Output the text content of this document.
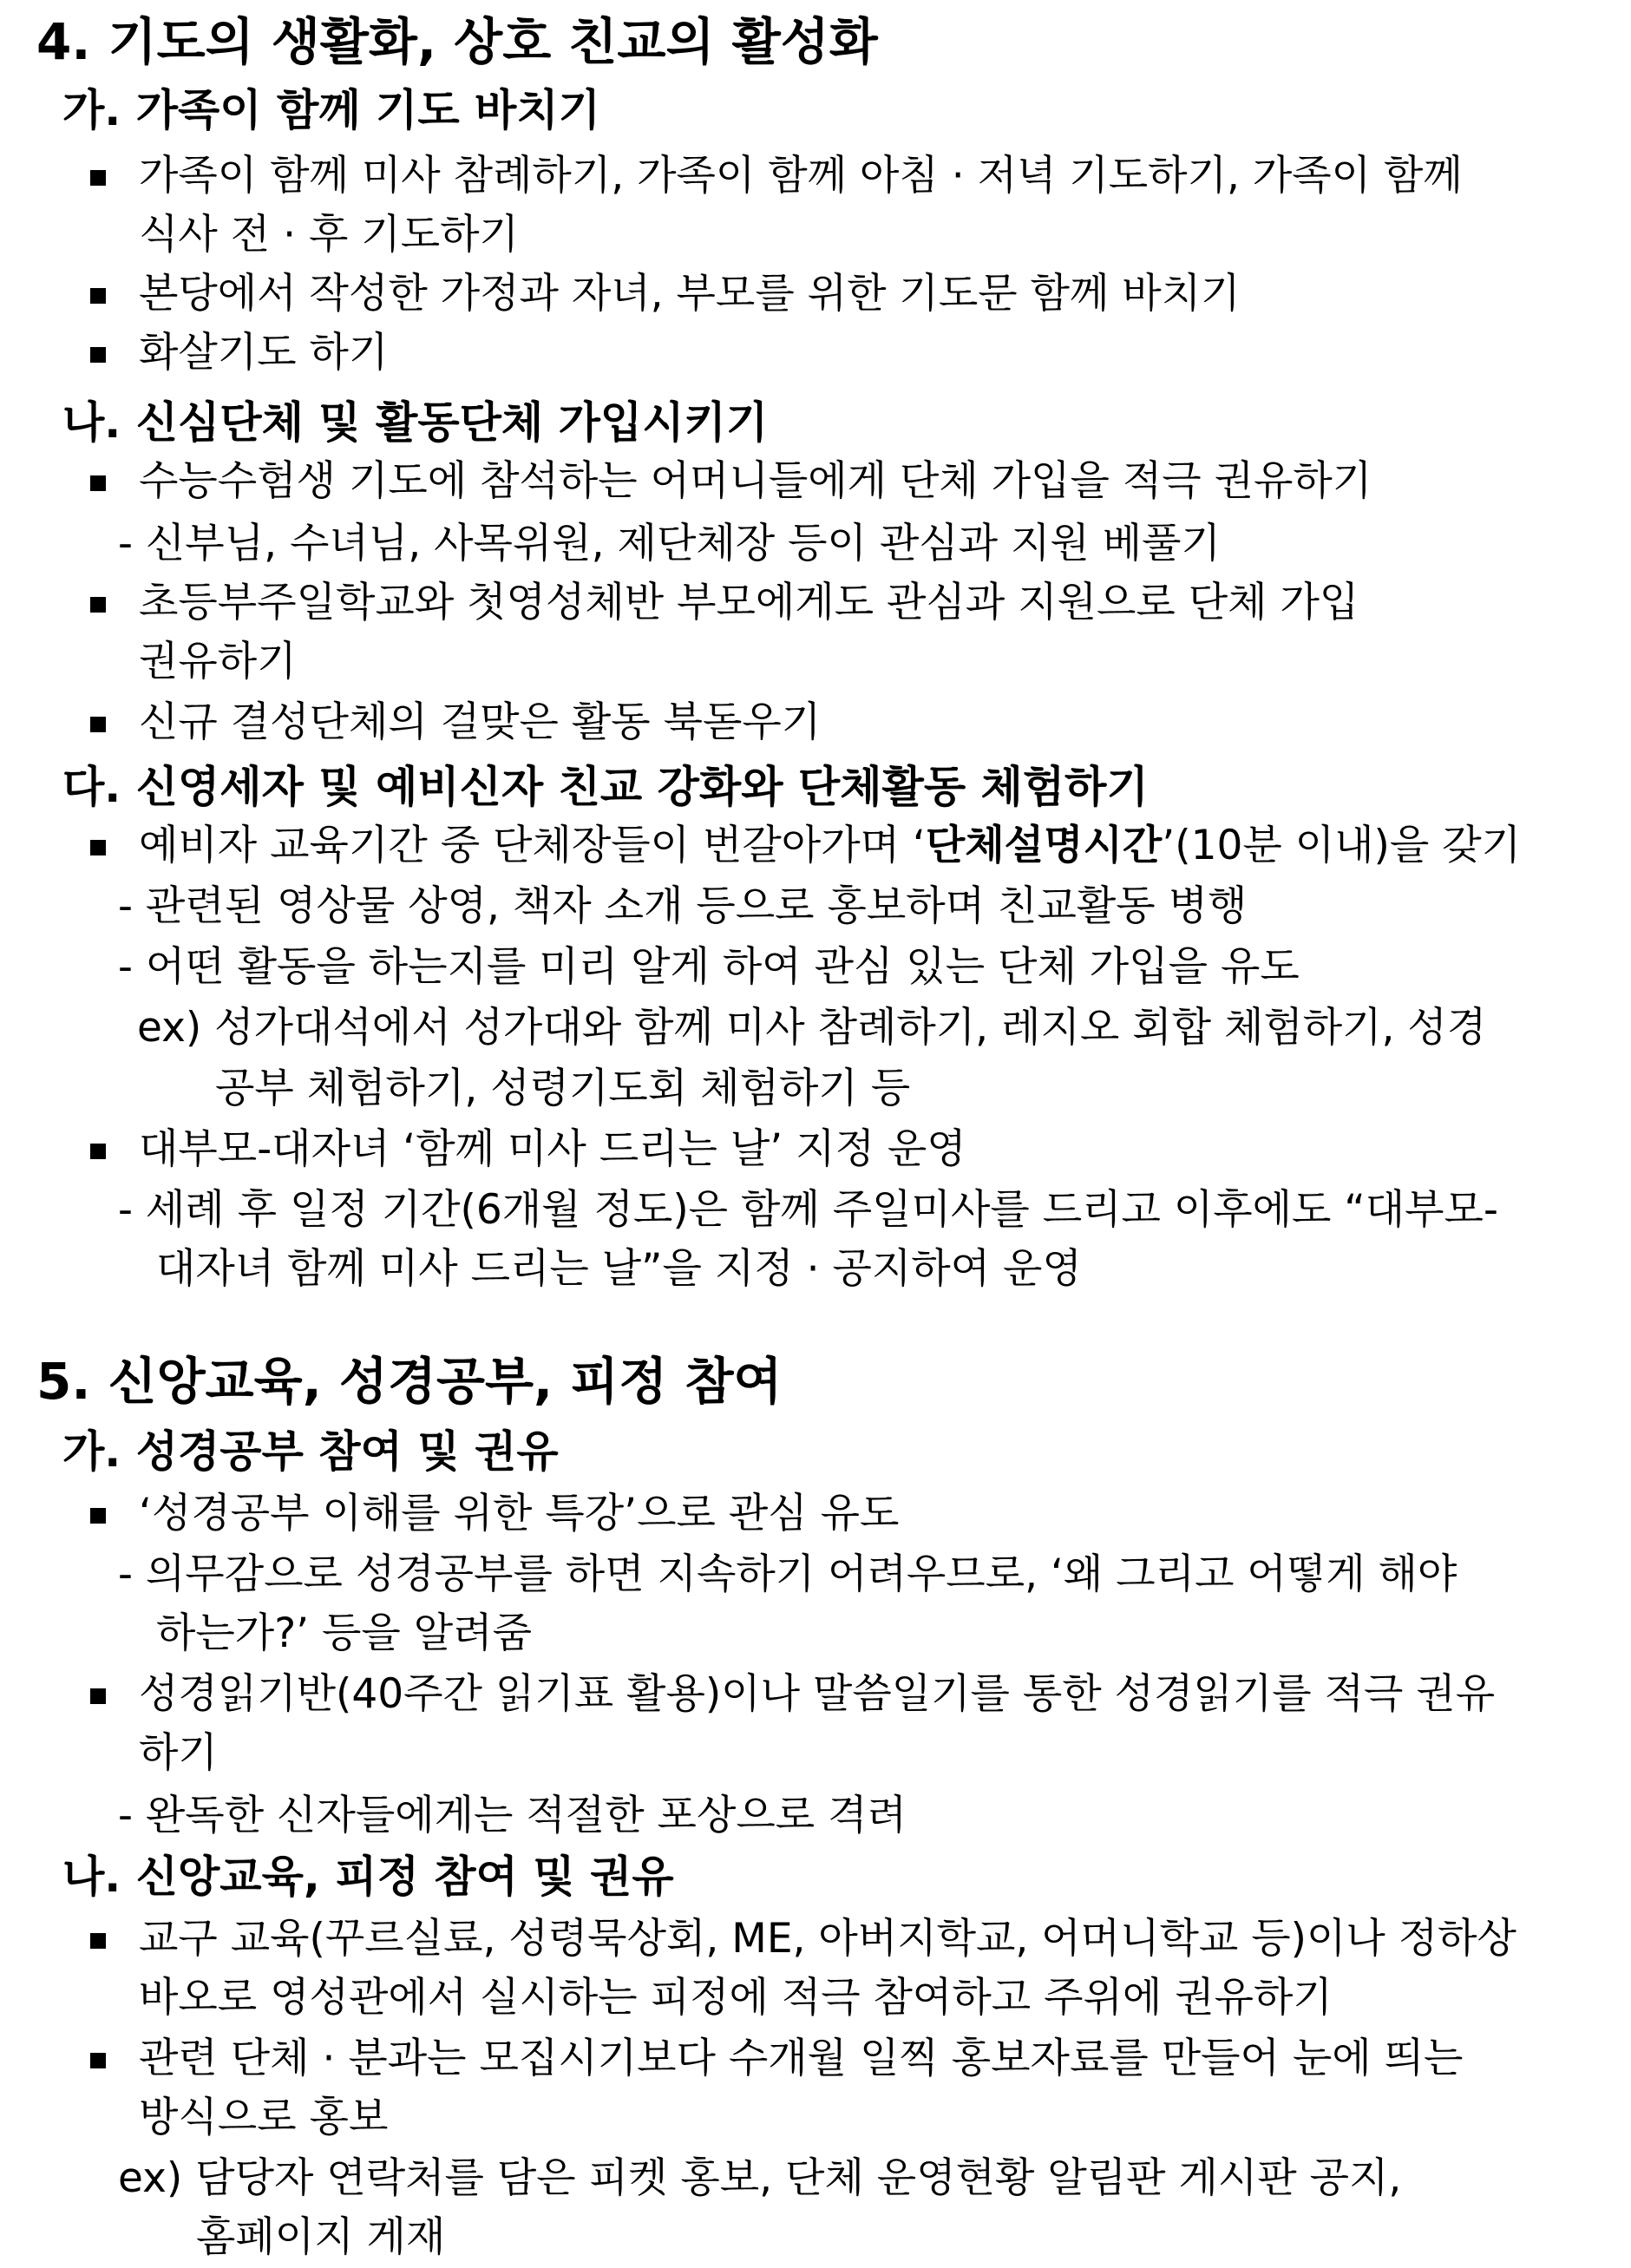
4. 기도의 생활화, 상호 친교의 활성화
가. 가족이 함께 기도 바치기
가족이 함께 미사 참례하기, 가족이 함께 아침 · 저녁 기도하기, 가족이 함께
식사 전 · 후 기도하기
본당에서 작성한 가정과 자녀, 부모를 위한 기도문 함께 바치기
화살기도 하기
나. 신심단체 및 활동단체 가입시키기
수능수험생 기도에 참석하는 어머니들에게 단체 가입을 적극 권유하기
- 신부님, 수녀님, 사목위원, 제단체장 등이 관심과 지원 베풀기
초등부주일학교와 첫영성체반 부모에게도 관심과 지원으로 단체 가입
권유하기
신규 결성단체의 걸맞은 활동 북돋우기
다. 신영세자 및 예비신자 친교 강화와 단체활동 체험하기
예비자 교육기간 중 단체장들이 번갈아가며 ‘단체설명시간’(10분 이내)을 갖기
- 관련된 영상물 상영, 책자 소개 등으로 홍보하며 친교활동 병행
- 어떤 활동을 하는지를 미리 알게 하여 관심 있는 단체 가입을 유도
ex) 성가대석에서 성가대와 함께 미사 참례하기, 레지오 회합 체험하기, 성경
공부 체험하기, 성령기도회 체험하기 등
대부모-대자녀 ‘함께 미사 드리는 날’ 지정 운영
- 세례 후 일정 기간(6개월 정도)은 함께 주일미사를 드리고 이후에도 “대부모-
대자녀 함께 미사 드리는 날”을 지정 · 공지하여 운영
5. 신앙교육, 성경공부, 피정 참여
가. 성경공부 참여 및 권유
‘성경공부 이해를 위한 특강’으로 관심 유도
- 의무감으로 성경공부를 하면 지속하기 어려우므로, ‘왜 그리고 어떻게 해야
하는가?’ 등을 알려줌
성경읽기반(40주간 읽기표 활용)이나 말씀일기를 통한 성경읽기를 적극 권유
하기
- 완독한 신자들에게는 적절한 포상으로 격려
나. 신앙교육, 피정 참여 및 권유
교구 교육(꾸르실료, 성령묵상회, ME, 아버지학교, 어머니학교 등)이나 정하상
바오로 영성관에서 실시하는 피정에 적극 참여하고 주위에 권유하기
관련 단체 · 분과는 모집시기보다 수개월 일찍 홍보자료를 만들어 눈에 띄는
방식으로 홍보
ex) 담당자 연락처를 담은 피켓 홍보, 단체 운영현황 알림판 게시판 공지,
홈페이지 게재
